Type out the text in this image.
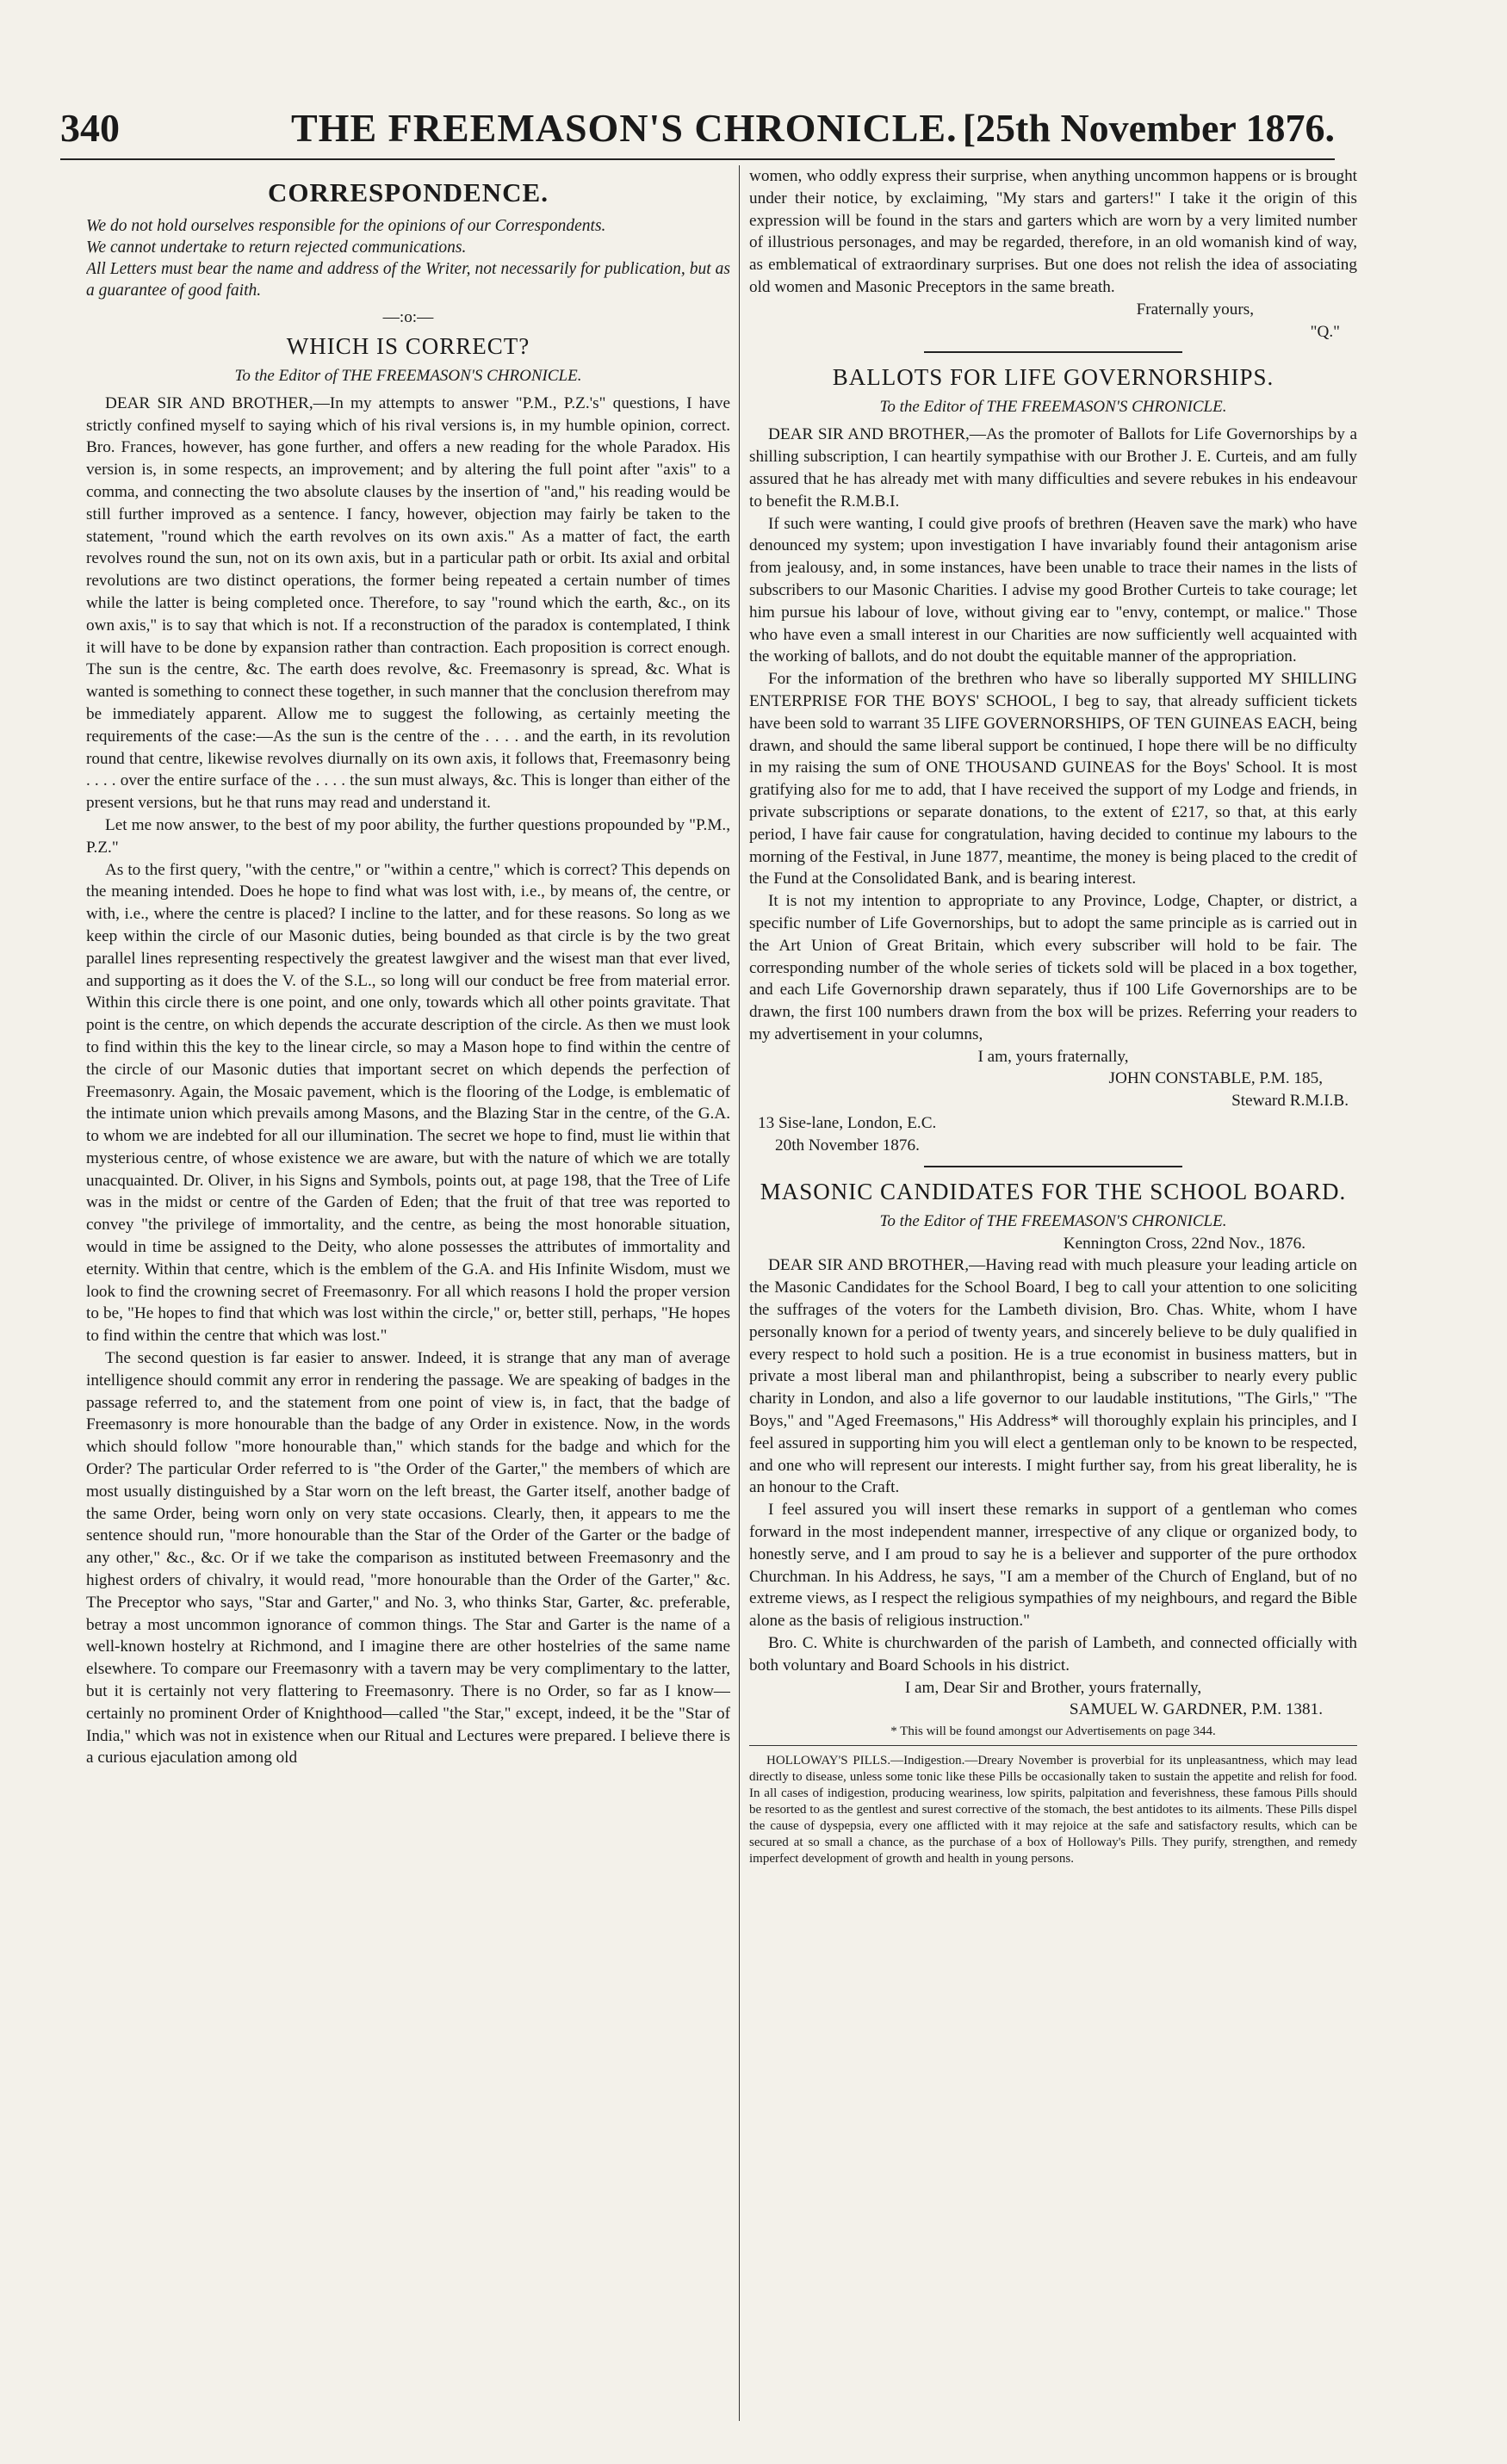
340	THE FREEMASON'S CHRONICLE. [25th November 1876.
CORRESPONDENCE.
We do not hold ourselves responsible for the opinions of our Correspondents.
We cannot undertake to return rejected communications.
All Letters must bear the name and address of the Writer, not necessarily for publication, but as a guarantee of good faith.
—:o:—
WHICH IS CORRECT?
To the Editor of THE FREEMASON'S CHRONICLE.

DEAR SIR AND BROTHER,—In my attempts to answer "P.M., P.Z.'s" questions, I have strictly confined myself to saying which of his rival versions is, in my humble opinion, correct. Bro. Frances, however, has gone further, and offers a new reading for the whole Paradox. His version is, in some respects, an improvement; and by altering the full point after "axis" to a comma, and connecting the two absolute clauses by the insertion of "and," his reading would be still further improved as a sentence. I fancy, however, objection may fairly be taken to the statement, "round which the earth revolves on its own axis." As a matter of fact, the earth revolves round the sun, not on its own axis, but in a particular path or orbit. Its axial and orbital revolutions are two distinct operations, the former being repeated a certain number of times while the latter is being completed once. Therefore, to say "round which the earth, &c., on its own axis," is to say that which is not. If a reconstruction of the paradox is contemplated, I think it will have to be done by expansion rather than contraction. Each proposition is correct enough. The sun is the centre, &c. The earth does revolve, &c. Freemasonry is spread, &c. What is wanted is something to connect these together, in such manner that the conclusion therefrom may be immediately apparent. Allow me to suggest the following, as certainly meeting the requirements of the case:—As the sun is the centre of the . . . . and the earth, in its revolution round that centre, likewise revolves diurnally on its own axis, it follows that, Freemasonry being . . . . over the entire surface of the . . . . the sun must always, &c. This is longer than either of the present versions, but he that runs may read and understand it.

Let me now answer, to the best of my poor ability, the further questions propounded by "P.M., P.Z."

As to the first query, "with the centre," or "within a centre," which is correct? This depends on the meaning intended. Does he hope to find what was lost with, i.e., by means of, the centre, or with, i.e., where the centre is placed? I incline to the latter, and for these reasons. So long as we keep within the circle of our Masonic duties, being bounded as that circle is by the two great parallel lines representing respectively the greatest lawgiver and the wisest man that ever lived, and supporting as it does the V. of the S.L., so long will our conduct be free from material error. Within this circle there is one point, and one only, towards which all other points gravitate. That point is the centre, on which depends the accurate description of the circle. As then we must look to find within this the key to the linear circle, so may a Mason hope to find within the centre of the circle of our Masonic duties that important secret on which depends the perfection of Freemasonry. Again, the Mosaic pavement, which is the flooring of the Lodge, is emblematic of the intimate union which prevails among Masons, and the Blazing Star in the centre, of the G.A. to whom we are indebted for all our illumination. The secret we hope to find, must lie within that mysterious centre, of whose existence we are aware, but with the nature of which we are totally unacquainted. Dr. Oliver, in his Signs and Symbols, points out, at page 198, that the Tree of Life was in the midst or centre of the Garden of Eden; that the fruit of that tree was reported to convey "the privilege of immortality, and the centre, as being the most honorable situation, would in time be assigned to the Deity, who alone possesses the attributes of immortality and eternity. Within that centre, which is the emblem of the G.A. and His Infinite Wisdom, must we look to find the crowning secret of Freemasonry. For all which reasons I hold the proper version to be, "He hopes to find that which was lost within the circle," or, better still, perhaps, "He hopes to find within the centre that which was lost."

The second question is far easier to answer. Indeed, it is strange that any man of average intelligence should commit any error in rendering the passage. We are speaking of badges in the passage referred to, and the statement from one point of view is, in fact, that the badge of Freemasonry is more honourable than the badge of any Order in existence. Now, in the words which should follow "more honourable than," which stands for the badge and which for the Order? The particular Order referred to is "the Order of the Garter," the members of which are most usually distinguished by a Star worn on the left breast, the Garter itself, another badge of the same Order, being worn only on very state occasions. Clearly, then, it appears to me the sentence should run, "more honourable than the Star of the Order of the Garter or the badge of any other," &c., &c. Or if we take the comparison as instituted between Freemasonry and the highest orders of chivalry, it would read, "more honourable than the Order of the Garter," &c. The Preceptor who says, "Star and Garter," and No. 3, who thinks Star, Garter, &c. preferable, betray a most uncommon ignorance of common things. The Star and Garter is the name of a well-known hostelry at Richmond, and I imagine there are other hostelries of the same name elsewhere. To compare our Freemasonry with a tavern may be very complimentary to the latter, but it is certainly not very flattering to Freemasonry. There is no Order, so far as I know—certainly no prominent Order of Knighthood—called "the Star," except, indeed, it be the "Star of India," which was not in existence when our Ritual and Lectures were prepared. I believe there is a curious ejaculation among old

women, who oddly express their surprise, when anything uncommon happens or is brought under their notice, by exclaiming, "My stars and garters!" I take it the origin of this expression will be found in the stars and garters which are worn by a very limited number of illustrious personages, and may be regarded, therefore, in an old womanish kind of way, as emblematical of extraordinary surprises. But one does not relish the idea of associating old women and Masonic Preceptors in the same breath.

Fraternally yours,
"Q."
BALLOTS FOR LIFE GOVERNORSHIPS.
To the Editor of THE FREEMASON'S CHRONICLE.

DEAR SIR AND BROTHER,—As the promoter of Ballots for Life Governorships by a shilling subscription, I can heartily sympathise with our Brother J. E. Curteis, and am fully assured that he has already met with many difficulties and severe rebukes in his endeavour to benefit the R.M.B.I.

If such were wanting, I could give proofs of brethren (Heaven save the mark) who have denounced my system; upon investigation I have invariably found their antagonism arise from jealousy, and, in some instances, have been unable to trace their names in the lists of subscribers to our Masonic Charities. I advise my good Brother Curteis to take courage; let him pursue his labour of love, without giving ear to "envy, contempt, or malice." Those who have even a small interest in our Charities are now sufficiently well acquainted with the working of ballots, and do not doubt the equitable manner of the appropriation.

For the information of the brethren who have so liberally supported MY SHILLING ENTERPRISE FOR THE BOYS' SCHOOL, I beg to say, that already sufficient tickets have been sold to warrant 35 LIFE GOVERNORSHIPS, OF TEN GUINEAS EACH, being drawn, and should the same liberal support be continued, I hope there will be no difficulty in my raising the sum of ONE THOUSAND GUINEAS for the Boys' School. It is most gratifying also for me to add, that I have received the support of my Lodge and friends, in private subscriptions or separate donations, to the extent of £217, so that, at this early period, I have fair cause for congratulation, having decided to continue my labours to the morning of the Festival, in June 1877, meantime, the money is being placed to the credit of the Fund at the Consolidated Bank, and is bearing interest.

It is not my intention to appropriate to any Province, Lodge, Chapter, or district, a specific number of Life Governorships, but to adopt the same principle as is carried out in the Art Union of Great Britain, which every subscriber will hold to be fair. The corresponding number of the whole series of tickets sold will be placed in a box together, and each Life Governorship drawn separately, thus if 100 Life Governorships are to be drawn, the first 100 numbers drawn from the box will be prizes. Referring your readers to my advertisement in your columns,

I am, yours fraternally,
JOHN CONSTABLE, P.M. 185,
Steward R.M.I.B.
13 Sise-lane, London, E.C.
20th November 1876.
MASONIC CANDIDATES FOR THE SCHOOL BOARD.
To the Editor of THE FREEMASON'S CHRONICLE.
Kennington Cross, 22nd Nov., 1876.

DEAR SIR AND BROTHER,—Having read with much pleasure your leading article on the Masonic Candidates for the School Board, I beg to call your attention to one soliciting the suffrages of the voters for the Lambeth division, Bro. Chas. White, whom I have personally known for a period of twenty years, and sincerely believe to be duly qualified in every respect to hold such a position. He is a true economist in business matters, but in private a most liberal man and philanthropist, being a subscriber to nearly every public charity in London, and also a life governor to our laudable institutions, "The Girls," "The Boys," and "Aged Freemasons," His Address* will thoroughly explain his principles, and I feel assured in supporting him you will elect a gentleman only to be known to be respected, and one who will represent our interests. I might further say, from his great liberality, he is an honour to the Craft.

I feel assured you will insert these remarks in support of a gentleman who comes forward in the most independent manner, irrespective of any clique or organized body, to honestly serve, and I am proud to say he is a believer and supporter of the pure orthodox Churchman. In his Address, he says, "I am a member of the Church of England, but of no extreme views, as I respect the religious sympathies of my neighbours, and regard the Bible alone as the basis of religious instruction."

Bro. C. White is churchwarden of the parish of Lambeth, and connected officially with both voluntary and Board Schools in his district.

I am, Dear Sir and Brother, yours fraternally,
SAMUEL W. GARDNER, P.M. 1381.
* This will be found amongst our Advertisements on page 344.
HOLLOWAY'S PILLS.—Indigestion.—Dreary November is proverbial for its unpleasantness, which may lead directly to disease, unless some tonic like these Pills be occasionally taken to sustain the appetite and relish for food. In all cases of indigestion, producing weariness, low spirits, palpitation and feverishness, these famous Pills should be resorted to as the gentlest and surest corrective of the stomach, the best antidotes to its ailments. These Pills dispel the cause of dyspepsia, every one afflicted with it may rejoice at the safe and satisfactory results, which can be secured at so small a chance, as the purchase of a box of Holloway's Pills. They purify, strengthen, and remedy imperfect development of growth and health in young persons.
